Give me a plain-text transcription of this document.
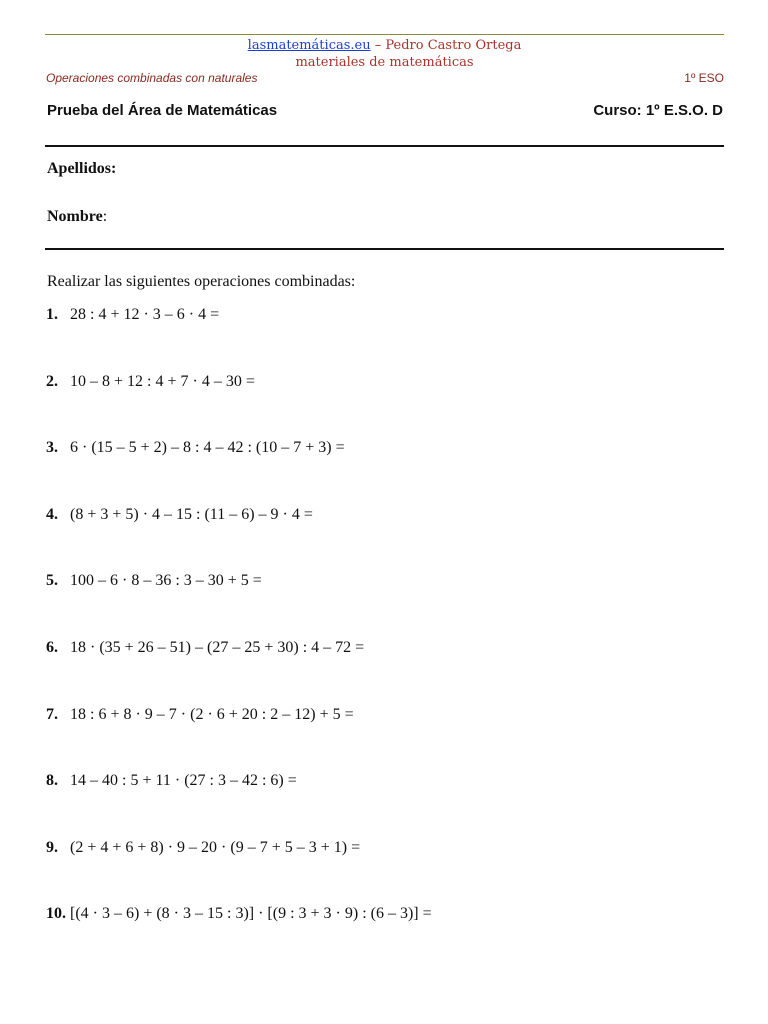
lasmatemáticas.eu – Pedro Castro Ortega
materiales de matemáticas
Operaciones combinadas con naturales	1º ESO
Prueba del Área de Matemáticas	Curso: 1º E.S.O. D
Apellidos:
Nombre:
Realizar las siguientes operaciones combinadas:
1. 28 : 4 + 12 · 3 – 6 · 4 =
2. 10 – 8 + 12 : 4 + 7 · 4 – 30 =
3. 6 · (15 – 5 + 2) – 8 : 4 – 42 : (10 – 7 + 3) =
4. (8 + 3 + 5) · 4 – 15 : (11 – 6) – 9 · 4 =
5. 100 – 6 · 8 – 36 : 3 – 30 + 5 =
6. 18 · (35 + 26 – 51) – (27 – 25 + 30) : 4 – 72 =
7. 18 : 6 + 8 · 9 – 7 · (2 · 6 + 20 : 2 – 12) + 5 =
8. 14 – 40 : 5 + 11 · (27 : 3 – 42 : 6) =
9. (2 + 4 + 6 + 8) · 9 – 20 · (9 – 7 + 5 – 3 + 1) =
10. [(4 · 3 – 6) + (8 · 3 – 15 : 3)] · [(9 : 3 + 3 · 9) : (6 – 3)] =
